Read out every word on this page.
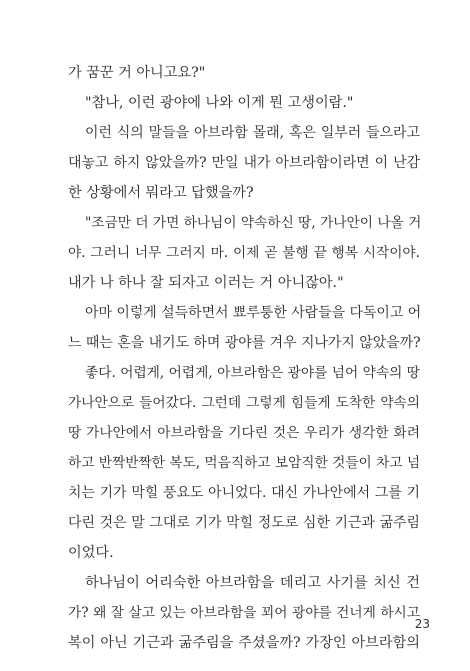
가 꿈꾼 거 아니고요?"
"참나, 이런 광야에 나와 이게 뭔 고생이람."
이런 식의 말들을 아브라함 몰래, 혹은 일부러 들으라고
대놓고 하지 않았을까? 만일 내가 아브라함이라면 이 난감
한 상황에서 뭐라고 답했을까?
"조금만 더 가면 하나님이 약속하신 땅, 가나안이 나올 거
야. 그러니 너무 그러지 마. 이제 곧 불행 끝 행복 시작이야.
내가 나 하나 잘 되자고 이러는 거 아니잖아."
아마 이렇게 설득하면서 뾰루퉁한 사람들을 다독이고 어
느 때는 혼을 내기도 하며 광야를 겨우 지나가지 않았을까?
좋다. 어렵게, 어렵게, 아브라함은 광야를 넘어 약속의 땅
가나안으로 들어갔다. 그런데 그렇게 힘들게 도착한 약속의
땅 가나안에서 아브라함을 기다린 것은 우리가 생각한 화려
하고 반짝반짝한 복도, 먹음직하고 보암직한 것들이 차고 넘
치는 기가 막힐 풍요도 아니었다. 대신 가나안에서 그를 기
다린 것은 말 그대로 기가 막힐 정도로 심한 기근과 굶주림
이었다.
하나님이 어리숙한 아브라함을 데리고 사기를 치신 건
가? 왜 잘 살고 있는 아브라함을 꾀어 광야를 건너게 하시고
복이 아닌 기근과 굶주림을 주셨을까? 가장인 아브라함의
23
